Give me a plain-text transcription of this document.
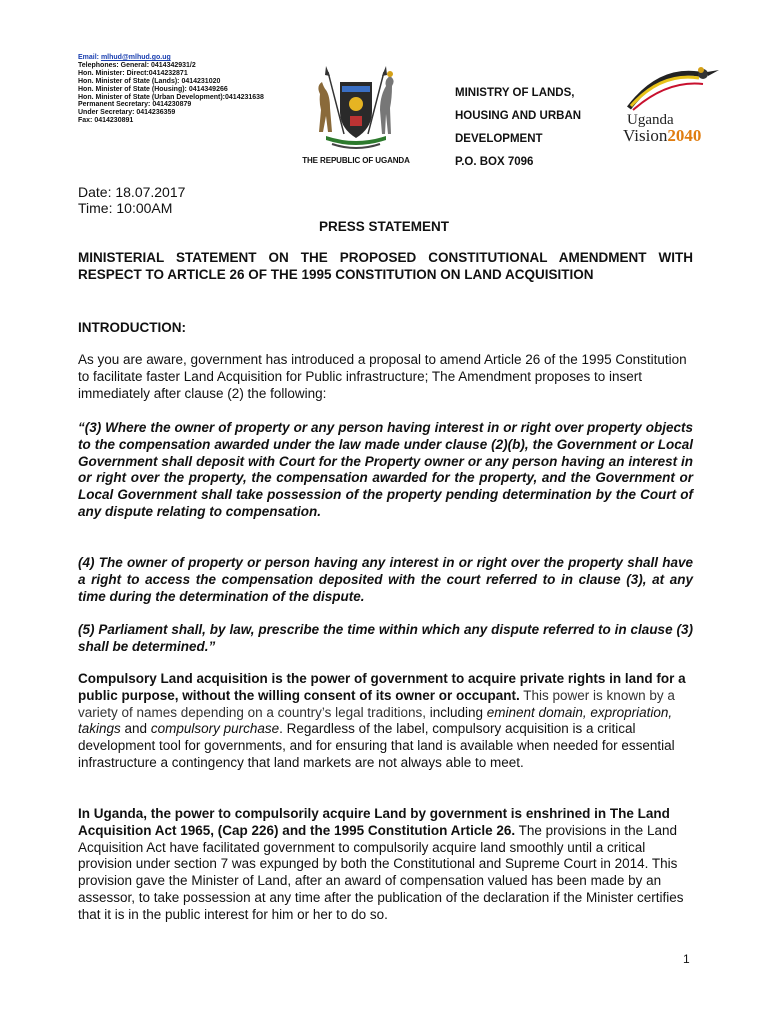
Email: mlhud@mlhud.go.ug
Telephones: General: 0414342931/2
Hon. Minister: Direct:0414232871
Hon. Minister of State (Lands): 0414231020
Hon. Minister of State (Housing): 0414349266
Hon. Minister of State (Urban Development):0414231638
Permanent Secretary: 0414230879
Under Secretary: 0414236359
Fax: 0414230891
THE REPUBLIC OF UGANDA
MINISTRY OF LANDS,
HOUSING AND URBAN
DEVELOPMENT
P.O. BOX 7096
Uganda
Vision2040
Date: 18.07.2017
Time: 10:00AM
PRESS STATEMENT
MINISTERIAL STATEMENT ON THE PROPOSED CONSTITUTIONAL AMENDMENT WITH RESPECT TO ARTICLE 26 OF THE 1995 CONSTITUTION ON LAND ACQUISITION
INTRODUCTION:
As you are aware, government has introduced a proposal to amend Article 26 of the 1995 Constitution to facilitate faster Land Acquisition for Public infrastructure; The Amendment proposes to insert immediately after clause (2) the following:
“(3) Where the owner of property or any person having interest in or right over property objects to the compensation awarded under the law made under clause (2)(b), the Government or Local Government shall deposit with Court for the Property owner or any person having an interest in or right over the property, the compensation awarded for the property, and the Government or Local Government shall take possession of the property pending determination by the Court of any dispute relating to compensation.
(4) The owner of property or person having any interest in or right over the property shall have a right to access the compensation deposited with the court referred to in clause (3), at any time during the determination of the dispute.
(5) Parliament shall, by law, prescribe the time within which any dispute referred to in clause (3) shall be determined.”
Compulsory Land acquisition is the power of government to acquire private rights in land for a public purpose, without the willing consent of its owner or occupant. This power is known by a variety of names depending on a country’s legal traditions, including eminent domain, expropriation, takings and compulsory purchase. Regardless of the label, compulsory acquisition is a critical development tool for governments, and for ensuring that land is available when needed for essential infrastructure a contingency that land markets are not always able to meet.
In Uganda, the power to compulsorily acquire Land by government is enshrined in The Land Acquisition Act 1965, (Cap 226) and the 1995 Constitution Article 26. The provisions in the Land Acquisition Act have facilitated government to compulsorily acquire land smoothly until a critical provision under section 7 was expunged by both the Constitutional and Supreme Court in 2014. This provision gave the Minister of Land, after an award of compensation valued has been made by an assessor, to take possession at any time after the publication of the declaration if the Minister certifies that it is in the public interest for him or her to do so.
1
